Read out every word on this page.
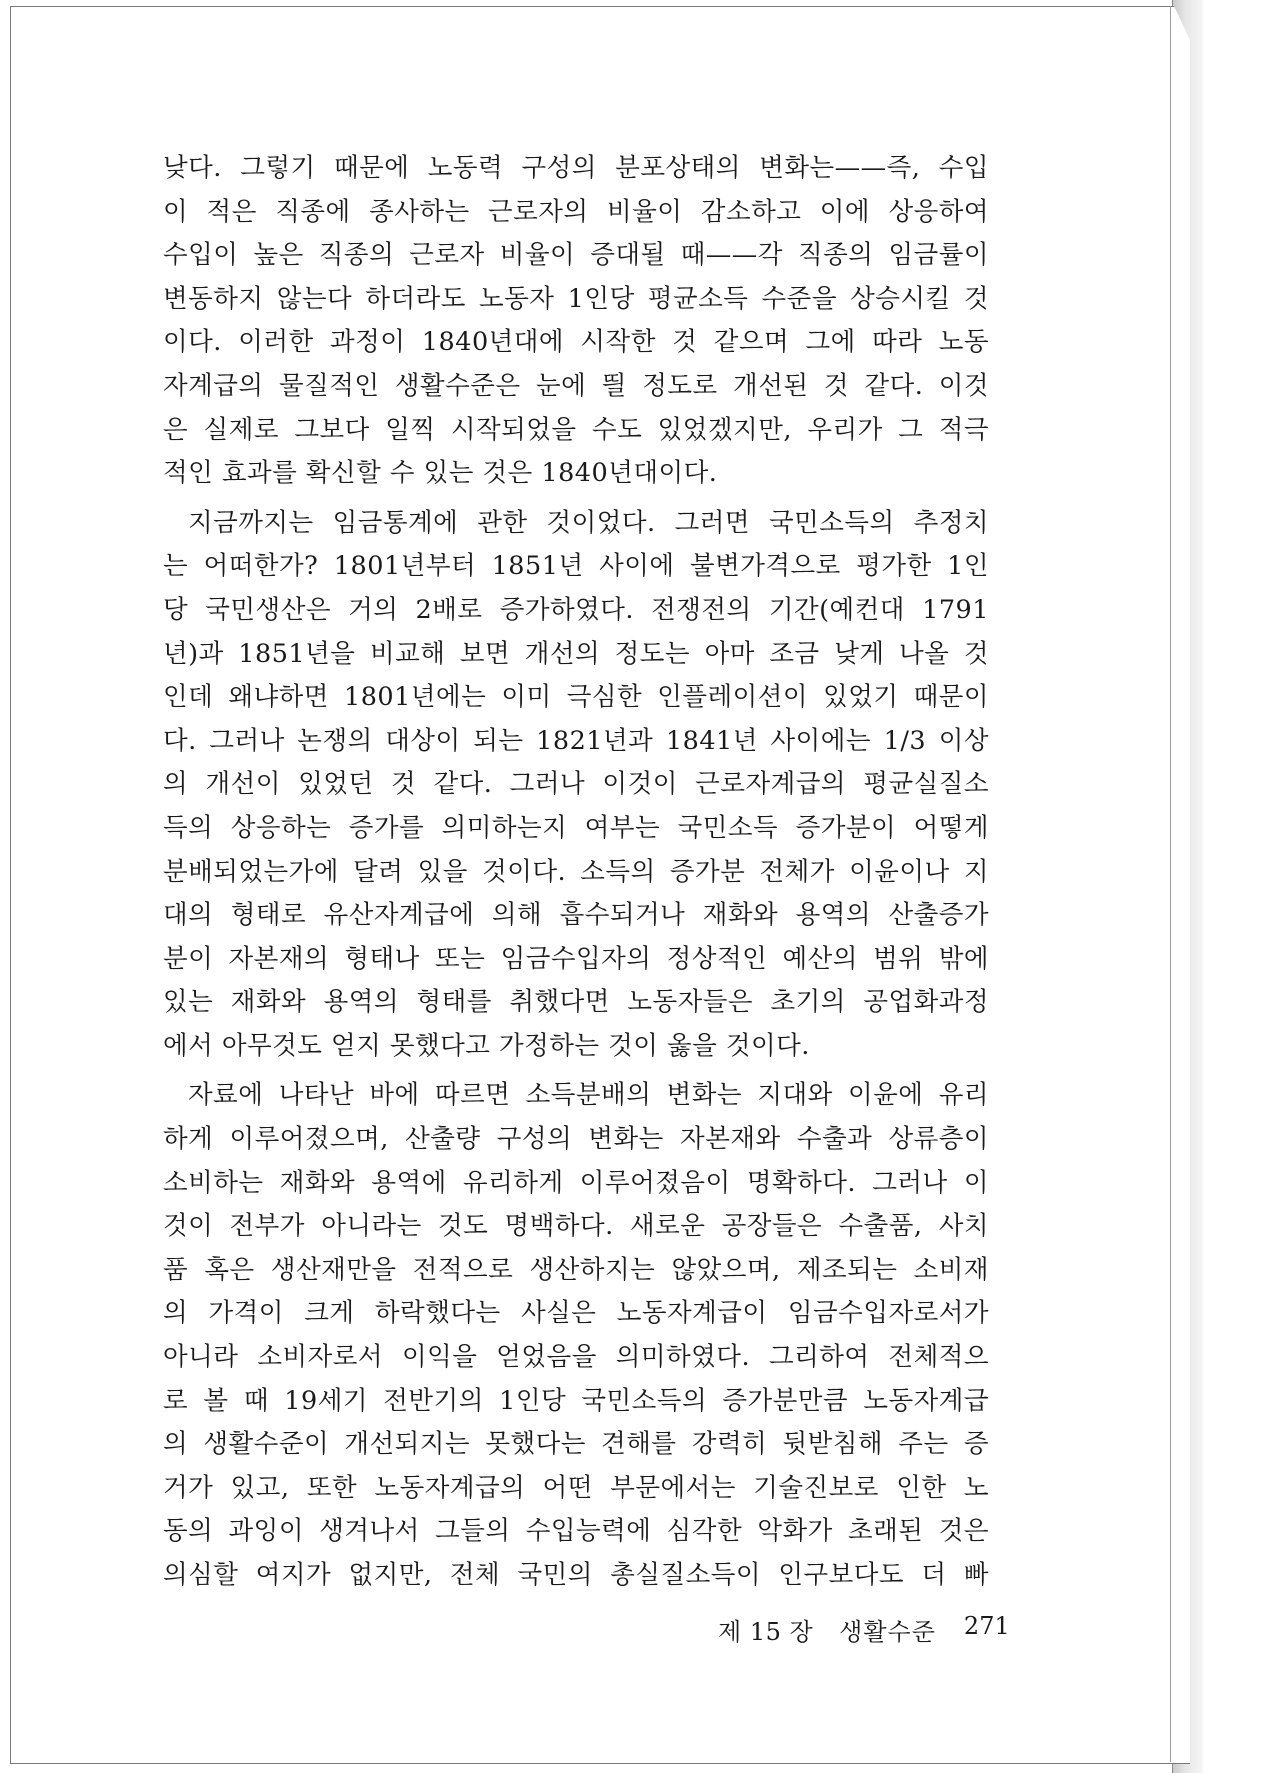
낮다. 그렇기 때문에 노동력 구성의 분포상태의 변화는——즉, 수입
이 적은 직종에 종사하는 근로자의 비율이 감소하고 이에 상응하여
수입이 높은 직종의 근로자 비율이 증대될 때——각 직종의 임금률이
변동하지 않는다 하더라도 노동자 1인당 평균소득 수준을 상승시킬 것
이다. 이러한 과정이 1840년대에 시작한 것 같으며 그에 따라 노동
자계급의 물질적인 생활수준은 눈에 띌 정도로 개선된 것 같다. 이것
은 실제로 그보다 일찍 시작되었을 수도 있었겠지만, 우리가 그 적극
적인 효과를 확신할 수 있는 것은 1840년대이다.
지금까지는 임금통계에 관한 것이었다. 그러면 국민소득의 추정치
는 어떠한가? 1801년부터 1851년 사이에 불변가격으로 평가한 1인
당 국민생산은 거의 2배로 증가하였다. 전쟁전의 기간(예컨대 1791
년)과 1851년을 비교해 보면 개선의 정도는 아마 조금 낮게 나올 것
인데 왜냐하면 1801년에는 이미 극심한 인플레이션이 있었기 때문이
다. 그러나 논쟁의 대상이 되는 1821년과 1841년 사이에는 1/3 이상
의 개선이 있었던 것 같다. 그러나 이것이 근로자계급의 평균실질소
득의 상응하는 증가를 의미하는지 여부는 국민소득 증가분이 어떻게
분배되었는가에 달려 있을 것이다. 소득의 증가분 전체가 이윤이나 지
대의 형태로 유산자계급에 의해 흡수되거나 재화와 용역의 산출증가
분이 자본재의 형태나 또는 임금수입자의 정상적인 예산의 범위 밖에
있는 재화와 용역의 형태를 취했다면 노동자들은 초기의 공업화과정
에서 아무것도 얻지 못했다고 가정하는 것이 옳을 것이다.
자료에 나타난 바에 따르면 소득분배의 변화는 지대와 이윤에 유리
하게 이루어졌으며, 산출량 구성의 변화는 자본재와 수출과 상류층이
소비하는 재화와 용역에 유리하게 이루어졌음이 명확하다. 그러나 이
것이 전부가 아니라는 것도 명백하다. 새로운 공장들은 수출품, 사치
품 혹은 생산재만을 전적으로 생산하지는 않았으며, 제조되는 소비재
의 가격이 크게 하락했다는 사실은 노동자계급이 임금수입자로서가
아니라 소비자로서 이익을 얻었음을 의미하였다. 그리하여 전체적으
로 볼 때 19세기 전반기의 1인당 국민소득의 증가분만큼 노동자계급
의 생활수준이 개선되지는 못했다는 견해를 강력히 뒷받침해 주는 증
거가 있고, 또한 노동자계급의 어떤 부문에서는 기술진보로 인한 노
동의 과잉이 생겨나서 그들의 수입능력에 심각한 악화가 초래된 것은
의심할 여지가 없지만, 전체 국민의 총실질소득이 인구보다도 더 빠
제 15 장 생활수준 271
